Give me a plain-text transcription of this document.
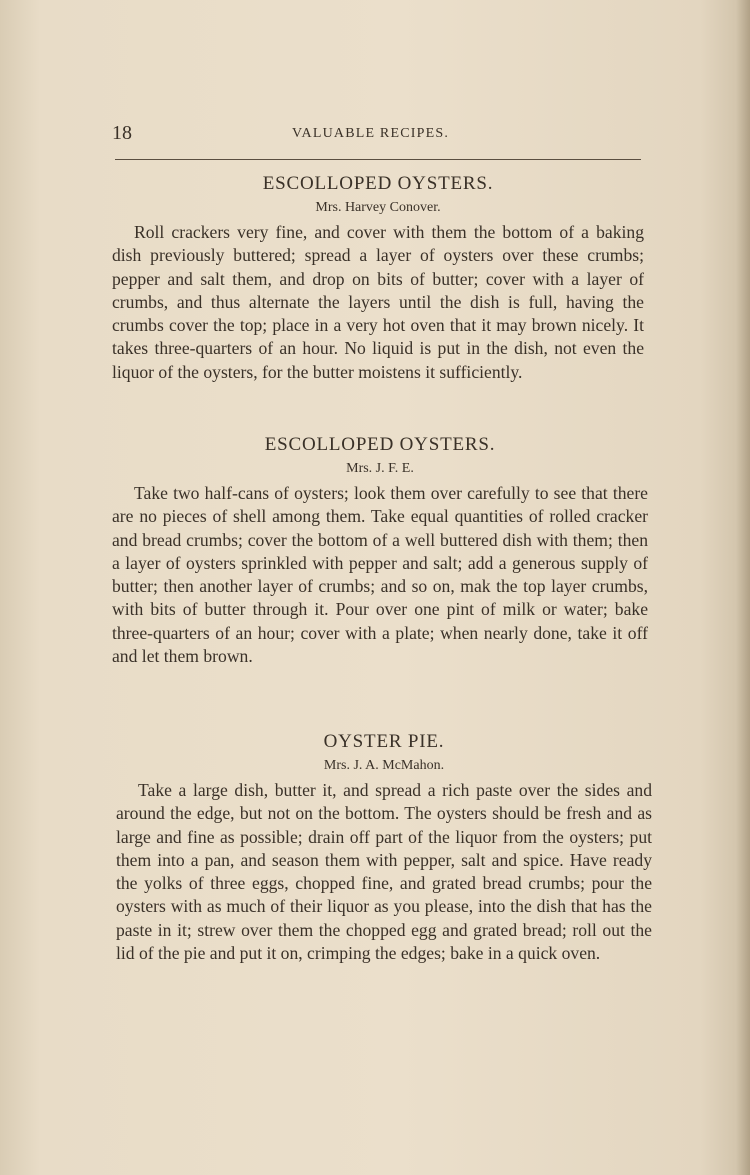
18	VALUABLE RECIPES.
ESCOLLOPED OYSTERS.
Mrs. Harvey Conover.

Roll crackers very fine, and cover with them the bottom of a baking dish previously buttered; spread a layer of oysters over these crumbs; pepper and salt them, and drop on bits of butter; cover with a layer of crumbs, and thus alternate the layers until the dish is full, having the crumbs cover the top; place in a very hot oven that it may brown nicely. It takes three-quarters of an hour. No liquid is put in the dish, not even the liquor of the oysters, for the butter moistens it sufficiently.

ESCOLLOPED OYSTERS.
Mrs. J. F. E.

Take two half-cans of oysters; look them over carefully to see that there are no pieces of shell among them. Take equal quantities of rolled cracker and bread crumbs; cover the bottom of a well buttered dish with them; then a layer of oysters sprinkled with pepper and salt; add a generous supply of butter; then another layer of crumbs; and so on, mak the top layer crumbs, with bits of butter through it. Pour over one pint of milk or water; bake three-quarters of an hour; cover with a plate; when nearly done, take it off and let them brown.

OYSTER PIE.
Mrs. J. A. McMahon.

Take a large dish, butter it, and spread a rich paste over the sides and around the edge, but not on the bottom. The oysters should be fresh and as large and fine as possible; drain off part of the liquor from the oysters; put them into a pan, and season them with pepper, salt and spice. Have ready the yolks of three eggs, chopped fine, and grated bread crumbs; pour the oysters with as much of their liquor as you please, into the dish that has the paste in it; strew over them the chopped egg and grated bread; roll out the lid of the pie and put it on, crimping the edges; bake in a quick oven.
